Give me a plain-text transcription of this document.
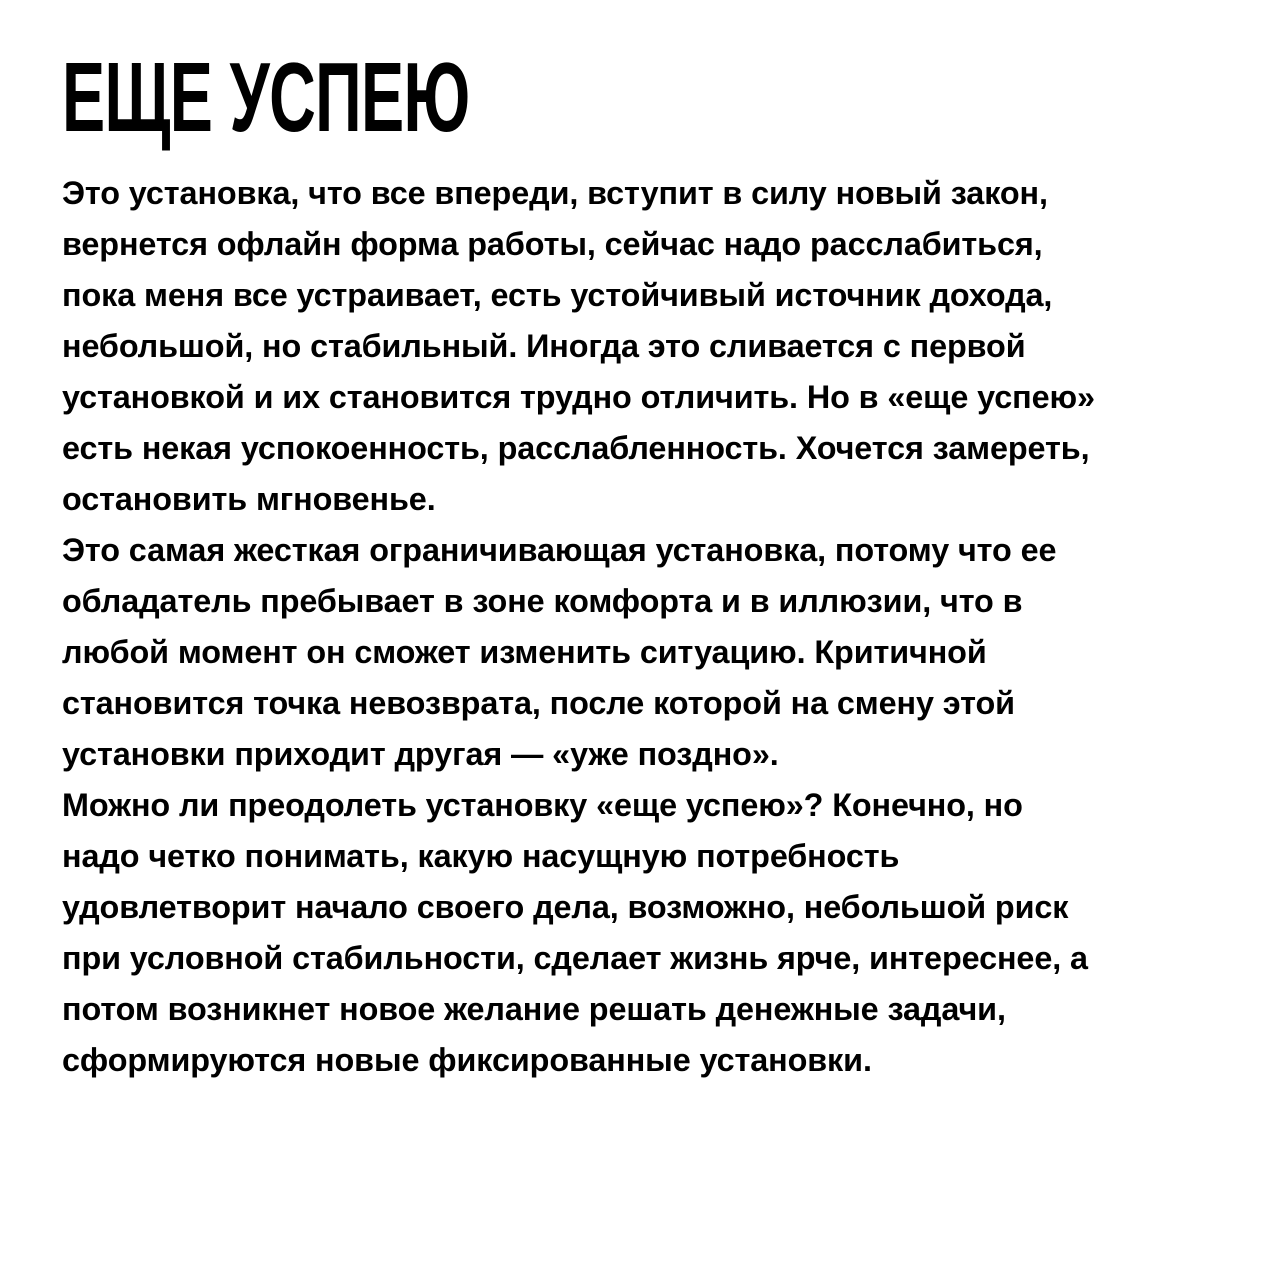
ЕЩЕ УСПЕЮ
Это установка, что все впереди, вступит в силу новый закон, вернется офлайн форма работы, сейчас надо расслабиться, пока меня все устраивает, есть устойчивый источник дохода, небольшой, но стабильный. Иногда это сливается с первой установкой и их становится трудно отличить. Но в «еще успею» есть некая успокоенность, расслабленность. Хочется замереть, остановить мгновенье. Это самая жесткая ограничивающая установка, потому что ее обладатель пребывает в зоне комфорта и в иллюзии, что в любой момент он сможет изменить ситуацию. Критичной становится точка невозврата, после которой на смену этой установки приходит другая — «уже поздно». Можно ли преодолеть установку «еще успею»? Конечно, но надо четко понимать, какую насущную потребность удовлетворит начало своего дела, возможно, небольшой риск при условной стабильности, сделает жизнь ярче, интереснее, а потом возникнет новое желание решать денежные задачи, сформируются новые фиксированные установки.
